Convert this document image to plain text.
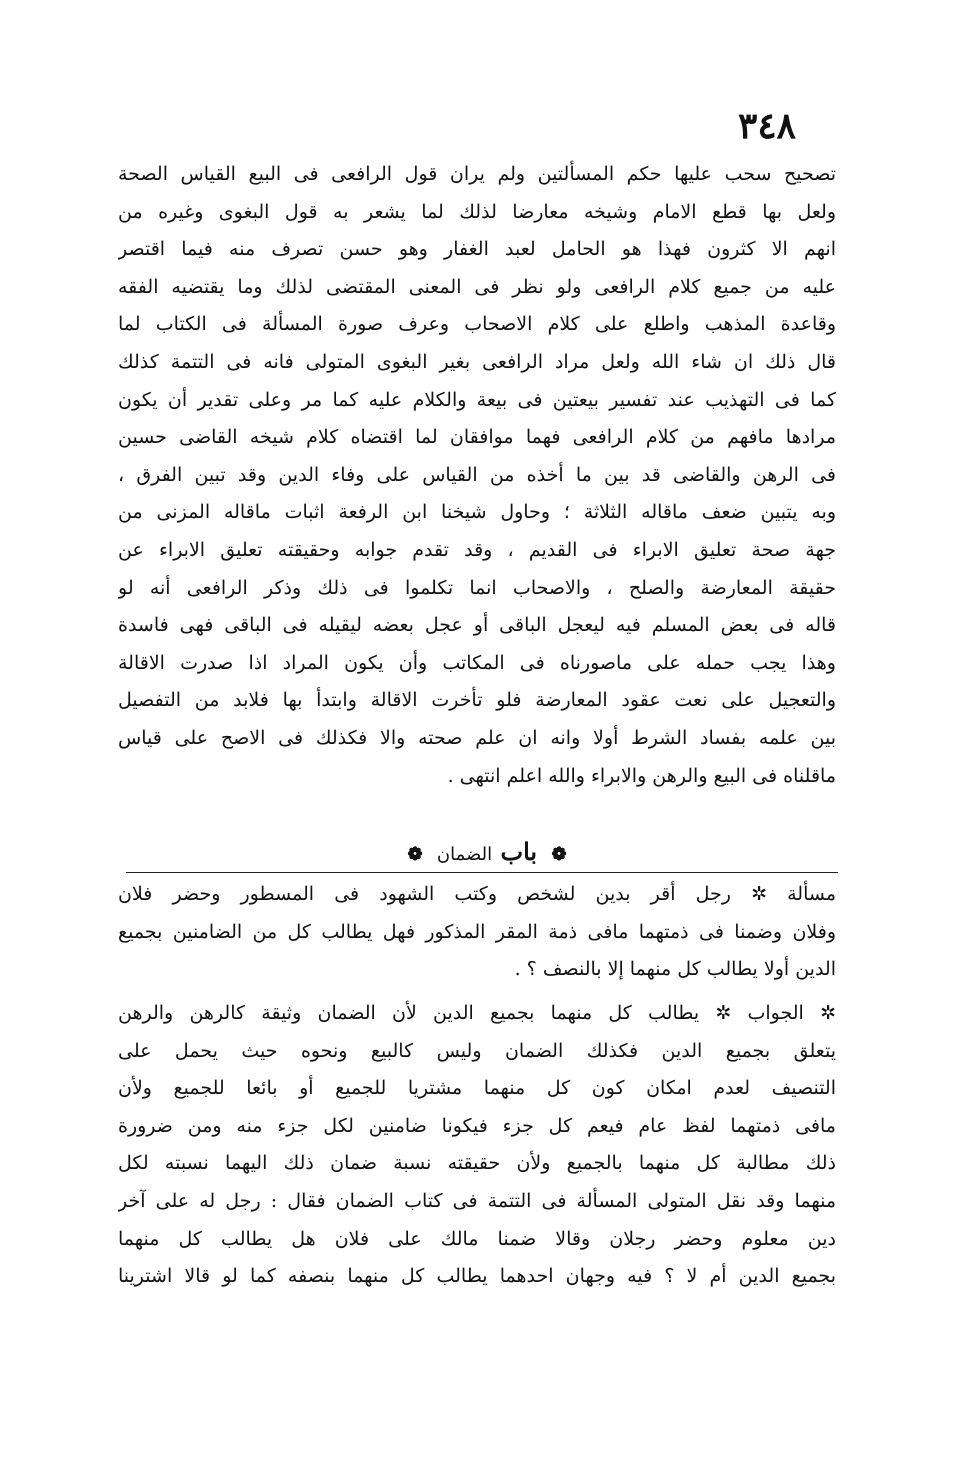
٣٤٨
تصحيح سحب عليها حكم المسألتين ولم يران قول الرافعى فى البيع القياس الصحة
ولعل بها قطع الامام وشيخه معارضا لذلك لما يشعر به قول البغوى وغيره من
انهم الا كثرون فهذا هو الحامل لعبد الغفار وهو حسن تصرف منه فيما اقتصر
عليه من جميع كلام الرافعى ولو نظر فى المعنى المقتضى لذلك وما يقتضيه الفقه
وقاعدة المذهب واطلع على كلام الاصحاب وعرف صورة المسألة فى الكتاب لما
قال ذلك ان شاء الله ولعل مراد الرافعى بغير البغوى المتولى فانه فى التتمة كذلك
كما فى التهذيب عند تفسير بيعتين فى بيعة والكلام عليه كما مر وعلى تقدير أن يكون
مرادها مافهم من كلام الرافعى فهما موافقان لما اقتضاه كلام شيخه القاضى حسين
فى الرهن والقاضى قد بين ما أخذه من القياس على وفاء الدين وقد تبين الفرق ،
وبه يتبين ضعف ماقاله الثلاثة ؛ وحاول شيخنا ابن الرفعة اثبات ماقاله المزنى من
جهة صحة تعليق الابراء فى القديم ، وقد تقدم جوابه وحقيقته تعليق الابراء عن
حقيقة المعارضة والصلح ، والاصحاب انما تكلموا فى ذلك وذكر الرافعى أنه لو
قاله فى بعض المسلم فيه ليعجل الباقى أو عجل بعضه ليقيله فى الباقى فهى فاسدة
وهذا يجب حمله على ماصورناه فى المكاتب وأن يكون المراد اذا صدرت الاقالة
والتعجيل على نعت عقود المعارضة فلو تأخرت الاقالة وابتدأ بها فلابد من التفصيل
بين علمه بفساد الشرط أولا وانه ان علم صحته والا فكذلك فى الاصح على قياس
ماقلناه فى البيع والرهن والابراء والله اعلم انتهى .
❁ باب الضمان ❁
مسألة ✲ رجل أقر بدين لشخص وكتب الشهود فى المسطور وحضر فلان
وفلان وضمنا فى ذمتهما مافى ذمة المقر المذكور فهل يطالب كل من الضامنين بجميع
الدين أولا يطالب كل منهما إلا بالنصف ؟ .
✲ الجواب ✲ يطالب كل منهما بجميع الدين لأن الضمان وثيقة كالرهن والرهن
يتعلق بجميع الدين فكذلك الضمان وليس كالبيع ونحوه حيث يحمل على
التنصيف لعدم امكان كون كل منهما مشتريا للجميع أو بائعا للجميع ولأن
مافى ذمتهما لفظ عام فيعم كل جزء فيكونا ضامنين لكل جزء منه ومن ضرورة
ذلك مطالبة كل منهما بالجميع ولأن حقيقته نسبة ضمان ذلك اليهما نسبته لكل
منهما وقد نقل المتولى المسألة فى التتمة فى كتاب الضمان فقال : رجل له على آخر
دين معلوم وحضر رجلان وقالا ضمنا مالك على فلان هل يطالب كل منهما
بجميع الدين أم لا ؟ فيه وجهان احدهما يطالب كل منهما بنصفه كما لو قالا اشترينا
